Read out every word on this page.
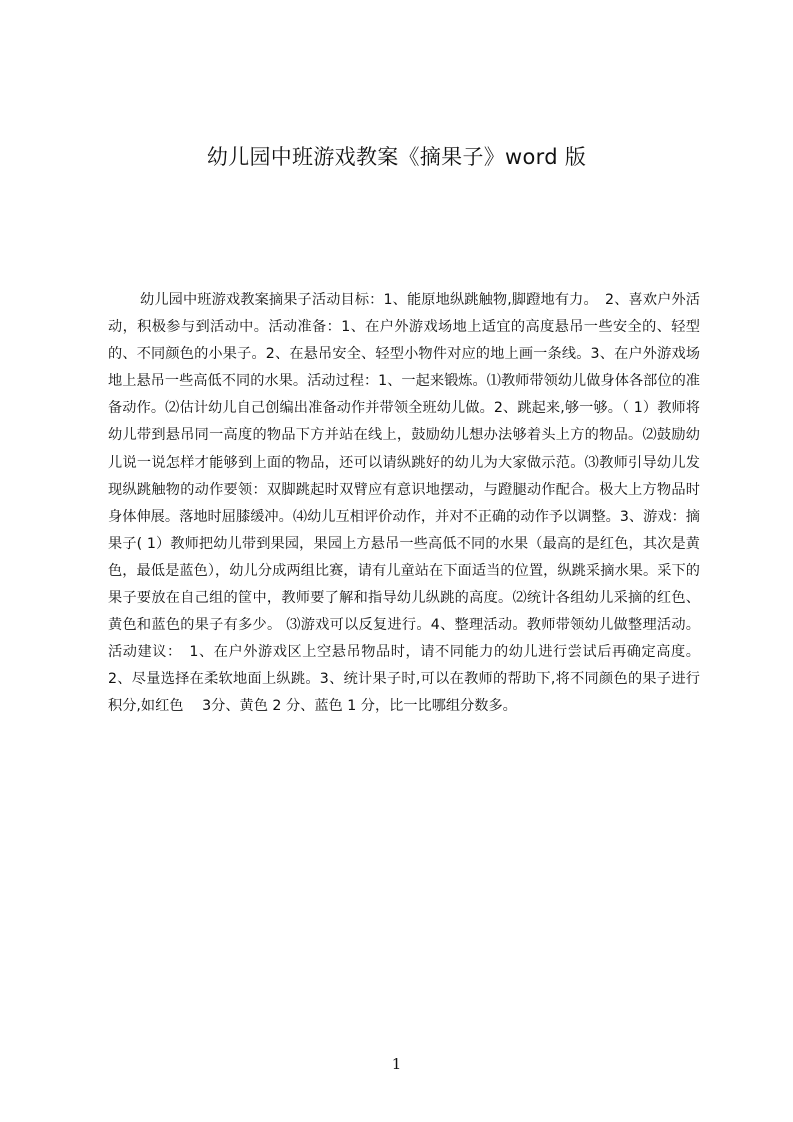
幼儿园中班游戏教案《摘果子》word 版

幼儿园中班游戏教案摘果子活动目标：1、能原地纵跳触物,脚蹬地有力。　2、喜欢户外活动，积极参与到活动中。活动准备：1、在户外游戏场地上适宜的高度悬吊一些安全的、轻型的、不同颜色的小果子。2、在悬吊安全、轻型小物件对应的地上画一条线。3、在户外游戏场地上悬吊一些高低不同的水果。活动过程：1、一起来锻炼。⑴教师带领幼儿做身体各部位的准备动作。⑵估计幼儿自己创编出准备动作并带领全班幼儿做。2、跳起来,够一够。（ 1）教师将幼儿带到悬吊同一高度的物品下方并站在线上，鼓励幼儿想办法够着头上方的物品。⑵鼓励幼儿说一说怎样才能够到上面的物品，还可以请纵跳好的幼儿为大家做示范。⑶教师引导幼儿发现纵跳触物的动作要领：双脚跳起时双臂应有意识地摆动，与蹬腿动作配合。极大上方物品时身体伸展。落地时屈膝缓冲。⑷幼儿互相评价动作，并对不正确的动作予以调整。3、游戏：摘果子( 1）教师把幼儿带到果园，果园上方悬吊一些高低不同的水果（最高的是红色，其次是黄色，最低是蓝色），幼儿分成两组比赛，请有儿童站在下面适当的位置，纵跳采摘水果。采下的果子要放在自己组的筐中，教师要了解和指导幼儿纵跳的高度。⑵统计各组幼儿采摘的红色、黄色和蓝色的果子有多少。 ⑶游戏可以反复进行。4、整理活动。教师带领幼儿做整理活动。活动建议：　1、在户外游戏区上空悬吊物品时，请不同能力的幼儿进行尝试后再确定高度。2、尽量选择在柔软地面上纵跳。3、统计果子时,可以在教师的帮助下,将不同颜色的果子进行积分,如红色　 3分、黄色 2 分、蓝色 1 分，比一比哪组分数多。

1
